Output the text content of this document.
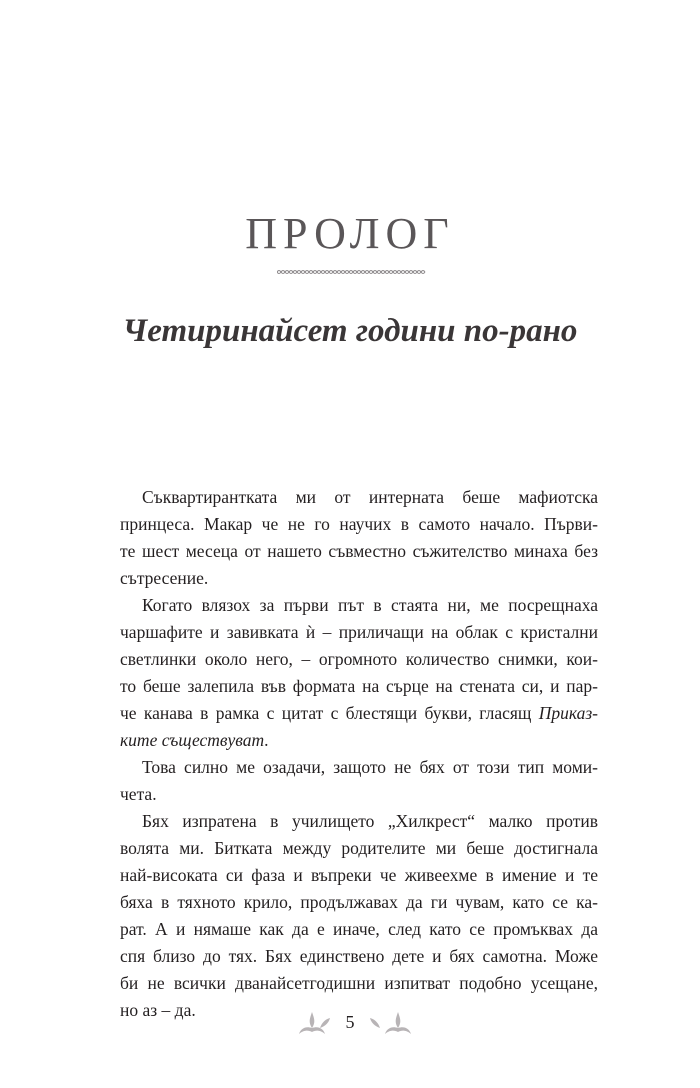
ПРОЛОГ
Четиринайсет години по-рано

Съквартирантката ми от интерната беше мафиотска
принцеса. Макар че не го научих в самото начало. Първи-
те шест месеца от нашето съвместно съжителство минаха без
сътресение.

Когато влязох за първи път в стаята ни, ме посрещнаха
чаршафите и завивката ѝ – приличащи на облак с кристални
светлинки около него, – огромното количество снимки, кои-
то беше залепила във формата на сърце на стената си, и пар-
че канава в рамка с цитат с блестящи букви, гласящ Приказ-
ките съществуват.

Това силно ме озадачи, защото не бях от този тип моми-
чета.

Бях изпратена в училището „Хилкрест“ малко против
волята ми. Битката между родителите ми беше достигнала
най-високата си фаза и въпреки че живеехме в имение и те
бяха в тяхното крило, продължавах да ги чувам, като се ка-
рат. А и нямаше как да е иначе, след като се промъквах да
спя близо до тях. Бях единствено дете и бях самотна. Може
би не всички дванайсетгодишни изпитват подобно усещане,
но аз – да.

5
